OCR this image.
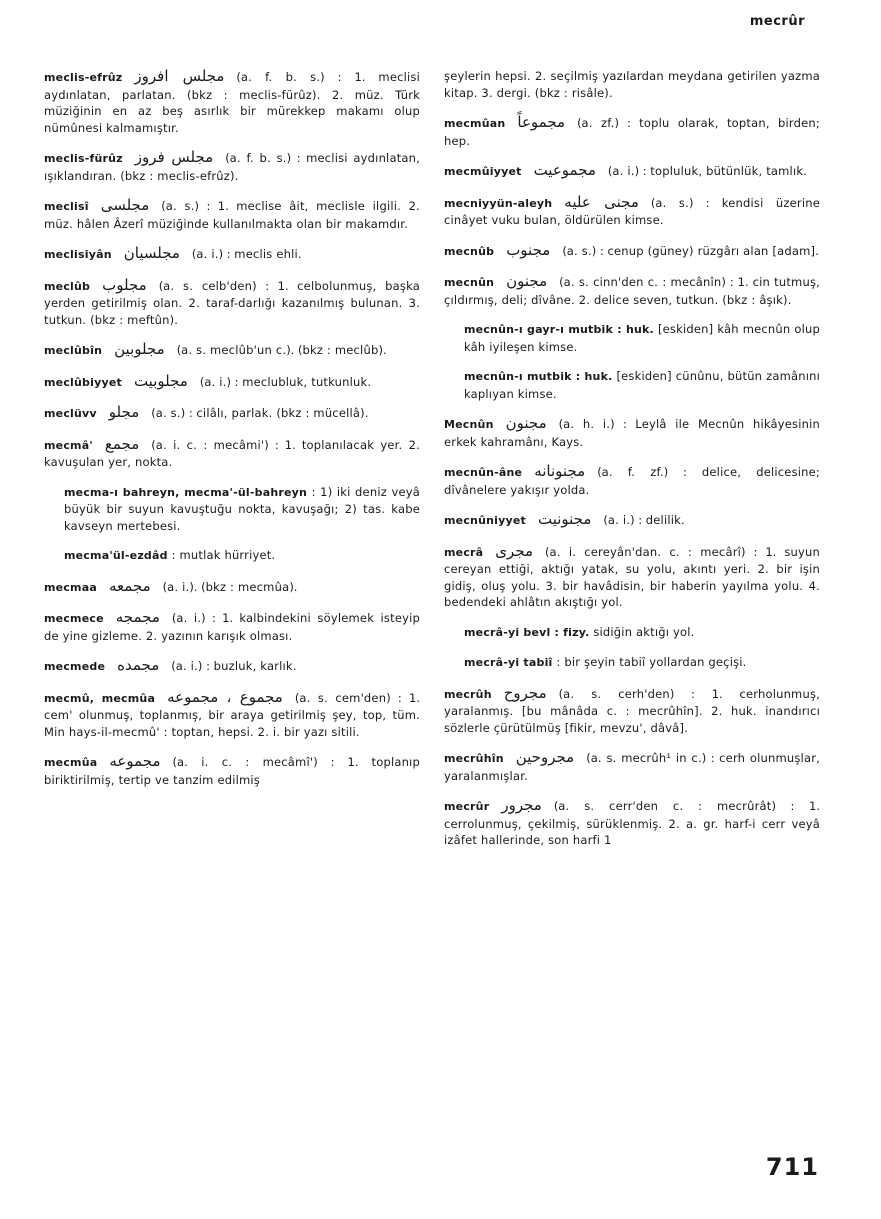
mecrûr
meclis-efrûz مجلس افروز (a. f. b. s.) : 1. meclisi aydınlatan, parlatan. (bkz : meclis-fürûz). 2. müz. Türk müziğinin en az beş asırlık bir mürekkep makamı olup nümûnesi kalmamıştır.
meclis-fürûz مجلس فروز (a. f. b. s.) : meclisi aydınlatan, ışıklandıran. (bkz : meclis-efrûz).
meclisî مجلسى (a. s.) : 1. meclise âit, meclisle ilgili. 2. müz. hâlen Âzerî müziğinde kullanılmakta olan bir makamdır.
meclisiyân مجلسيان (a. i.) : meclis ehli.
meclûb مجلوب (a. s. celb'den) : 1. celbolunmuş, başka yerden getirilmiş olan. 2. taraf-darlığı kazanılmış bulunan. 3. tutkun. (bkz : meftûn).
meclûbîn مجلوبين (a. s. meclûb'un c.). (bkz : meclûb).
meclûbiyyet مجلوبيت (a. i.) : meclubluk, tutkunluk.
meclüvv مجلو (a. s.) : cilâlı, parlak. (bkz : mücellâ).
mecmâ' مجمع (a. i. c. : mecâmi') : 1. toplanılacak yer. 2. kavuşulan yer, nokta.
mecma-ı bahreyn, mecma'-ül-bahreyn : 1) iki deniz veyâ büyük bir suyun kavuştuğu nokta, kavuşağı; 2) tas. kabe kavseyn mertebesi.
mecma'ül-ezdâd : mutlak hürriyet.
mecmaa مجمعه (a. i.). (bkz : mecmûa).
mecmece مجمجه (a. i.) : 1. kalbindekini söylemek isteyip de yine gizleme. 2. yazının karışık olması.
mecmede مجمده (a. i.) : buzluk, karlık.
mecmû, mecmûa مجموع ، مجموعه (a. s. cem'den) : 1. cem' olunmuş, toplanmış, bir araya getirilmiş şey, top, tüm. Min hays-il-mecmû' : toptan, hepsi. 2. i. bir yazı sitili.
mecmûa مجموعه (a. i. c. : mecâmî') : 1. toplanıp biriktirilmiş, tertip ve tanzim edilmiş
şeylerin hepsi. 2. seçilmiş yazılardan meydana getirilen yazma kitap. 3. dergi. (bkz : risâle).
mecmûan مجموعاً (a. zf.) : toplu olarak, toptan, birden; hep.
mecmûiyyet مجموعيت (a. i.) : topluluk, bütünlük, tamlık.
mecniyyün-aleyh مجنى عليه (a. s.) : kendisi üzerine cinâyet vuku bulan, öldürülen kimse.
mecnûb مجنوب (a. s.) : cenup (güney) rüzgârı alan [adam].
mecnûn مجنون (a. s. cinn'den c. : mecânîn) : 1. cin tutmuş, çıldırmış, deli; dîvâne. 2. delice seven, tutkun. (bkz : âşık).
mecnûn-ı gayr-ı mutbik : huk. [eskiden] kâh mecnûn olup kâh iyileşen kimse.
mecnûn-ı mutbik : huk. [eskiden] cünûnu, bütün zamânını kaplıyan kimse.
Mecnûn مجنون (a. h. i.) : Leylâ ile Mecnûn hikâyesinin erkek kahramânı, Kays.
mecnûn-âne مجنونانه (a. f. zf.) : delice, delicesine; dîvânelere yakışır yolda.
mecnûniyyet مجنونيت (a. i.) : delilik.
mecrâ مجرى (a. i. cereyân'dan. c. : mecârî) : 1. suyun cereyan ettiği, aktığı yatak, su yolu, akıntı yeri. 2. bir işin gidiş, oluş yolu. 3. bir havâdisin, bir haberin yayılma yolu. 4. bedendeki ahlâtın akıştığı yol.
mecrâ-yi bevl : fizy. sidiğin aktığı yol.
mecrâ-yi tabiî : bir şeyin tabiî yollardan geçişi.
mecrûh مجروح (a. s. cerh'den) : 1. cerholunmuş, yaralanmış. [bu mânâda c. : mecrûhîn]. 2. huk. inandırıcı sözlerle çürütülmüş [fikir, mevzu', dâvâ].
mecrûhîn مجروحين (a. s. mecrûh¹ in c.) : cerh olunmuşlar, yaralanmışlar.
mecrûr مجرور (a. s. cerr'den c. : mecrûrât) : 1. cerrolunmuş, çekilmiş, sürüklenmiş. 2. a. gr. harf-i cerr veyâ izâfet hallerinde, son harfi 1
711
